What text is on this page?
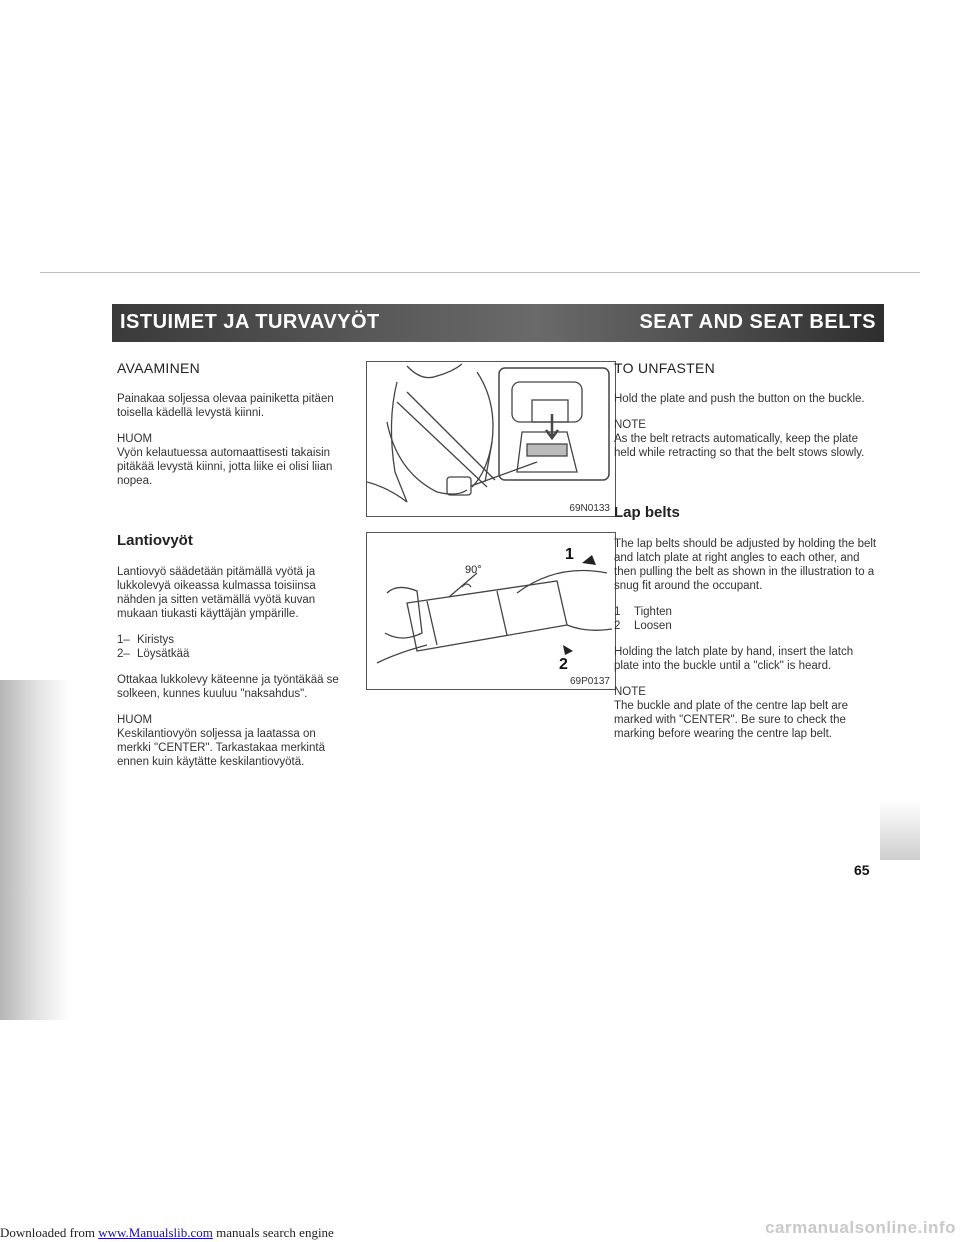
ISTUIMET JA TURVAVYÖT	SEAT AND SEAT BELTS
AVAAMINEN

Painakaa soljessa olevaa painiketta pitäen toisella kädellä levystä kiinni.

HUOM

Vyön kelautuessa automaattisesti takaisin pitäkää levystä kiinni, jotta liike ei olisi liian nopea.

Lantiovyöt

Lantiovyö säädetään pitämällä vyötä ja lukkolevyä oikeassa kulmassa toisiinsa nähden ja sitten vetämällä vyötä kuvan mukaan tiukasti käyttäjän ympärille.

1– Kiristys
2– Löysätkää

Ottakaa lukkolevy käteenne ja työntäkää se solkeen, kunnes kuuluu "naksahdus".

HUOM

Keskilantiovyön soljessa ja laatassa on merkki "CENTER". Tarkastakaa merkintä ennen kuin käytätte keskilantiovyötä.

69N0133
90°
1
2
69P0137
TO UNFASTEN

Hold the plate and push the button on the buckle.

NOTE

As the belt retracts automatically, keep the plate held while retracting so that the belt stows slowly.

Lap belts

The lap belts should be adjusted by holding the belt and latch plate at right angles to each other, and then pulling the belt as shown in the illustration to a snug fit around the occupant.

1	Tighten
2	Loosen

Holding the latch plate by hand, insert the latch plate into the buckle until a "click" is heard.

NOTE

The buckle and plate of the centre lap belt are marked with "CENTER". Be sure to check the marking before wearing the centre lap belt.

65
Downloaded from www.Manualslib.com manuals search engine	carmanualsonline.info
